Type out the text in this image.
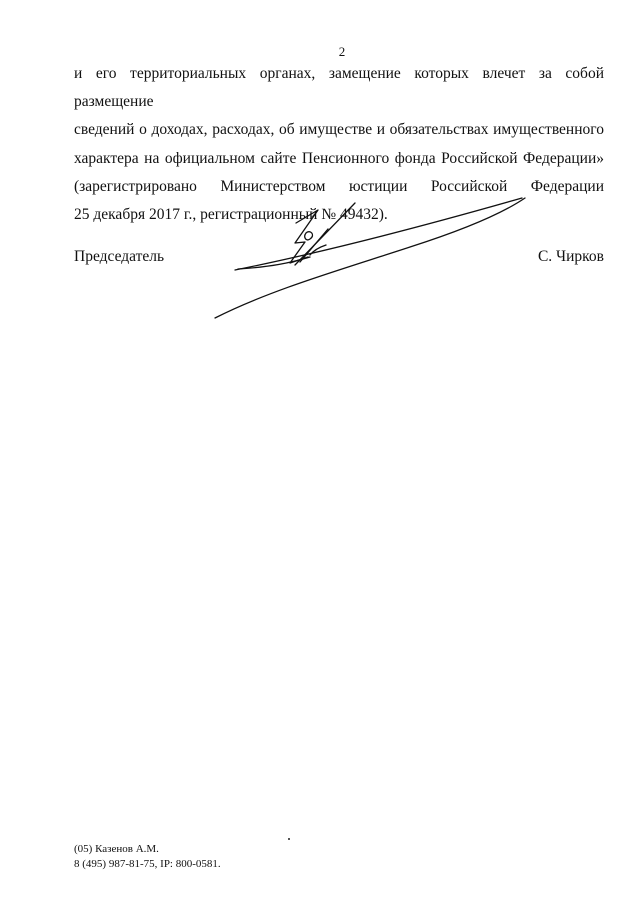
2
и его территориальных органах, замещение которых влечет за собой размещение
сведений о доходах, расходах, об имуществе и обязательствах имущественного
характера на официальном сайте Пенсионного фонда Российской Федерации»
(зарегистрировано Министерством юстиции Российской Федерации
25 декабря 2017 г., регистрационный № 49432).
Председатель	С. Чирков
(05) Казенов А.М.
8 (495) 987-81-75, IP: 800-0581.
